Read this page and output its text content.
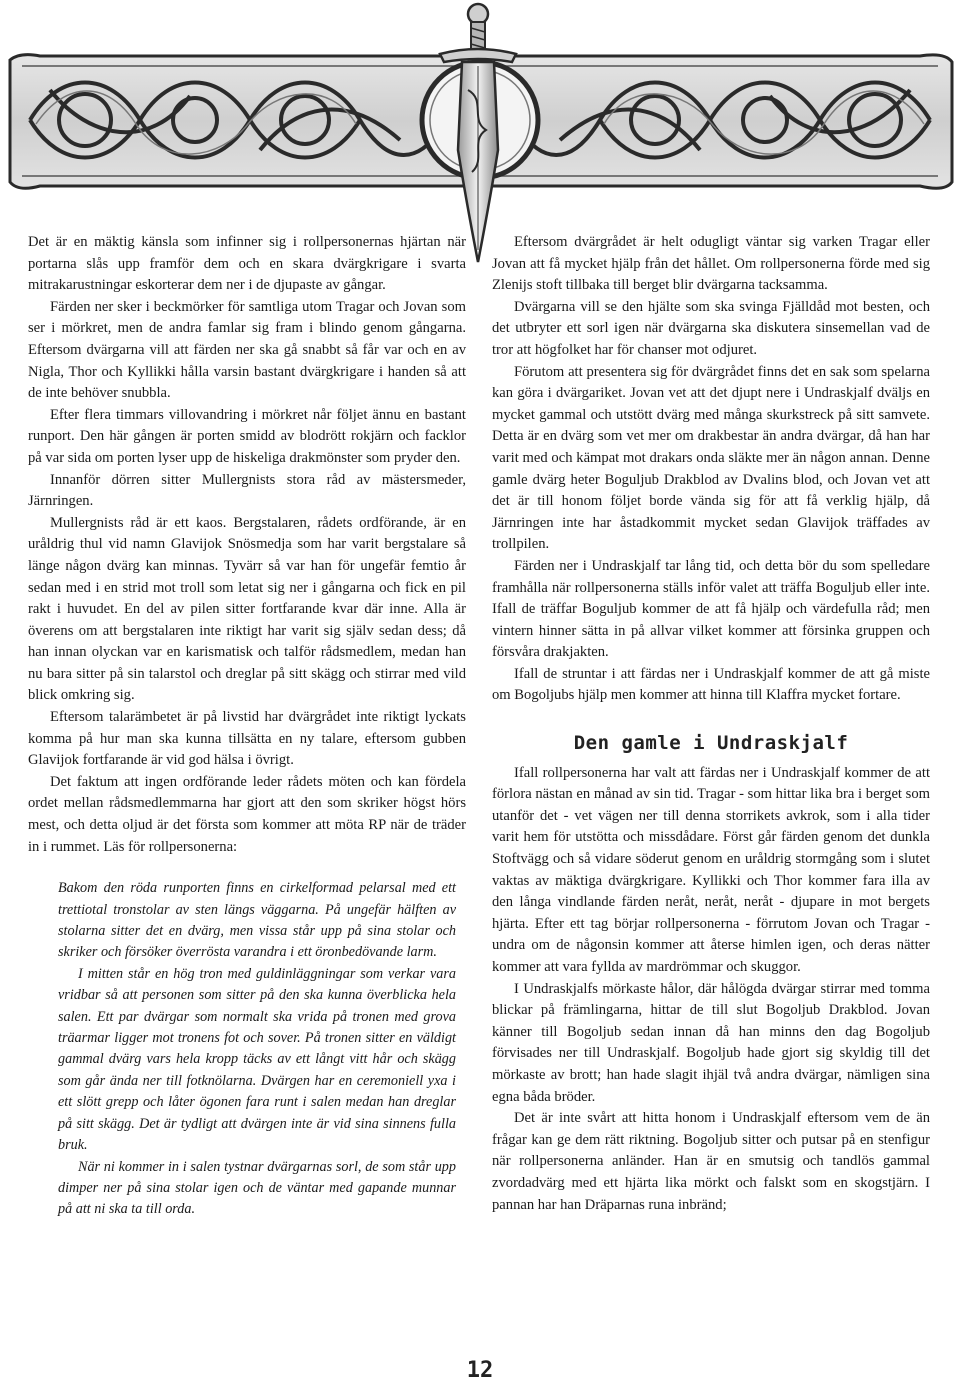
Det är en mäktig känsla som infinner sig i rollpersonernas hjärtan när portarna slås upp framför dem och en skara dvärgkrigare i svarta mitrakarustningar eskorterar dem ner i de djupaste av gångar.

Färden ner sker i beckmörker för samtliga utom Tragar och Jovan som ser i mörkret, men de andra famlar sig fram i blindo genom gångarna. Eftersom dvärgarna vill att färden ner ska gå snabbt så får var och en av Nigla, Thor och Kyllikki hålla varsin bastant dvärgkrigare i handen så att de inte behöver snubbla.

Efter flera timmars villovandring i mörkret når följet ännu en bastant runport. Den här gången är porten smidd av blodrött rokjärn och facklor på var sida om porten lyser upp de hiskeliga drakmönster som pryder den.

Innanför dörren sitter Mullergnists stora råd av mästersmeder, Järnringen.

Mullergnists råd är ett kaos. Bergstalaren, rådets ordförande, är en uråldrig thul vid namn Glavijok Snösmedja som har varit bergstalare så länge någon dvärg kan minnas. Tyvärr så var han för ungefär femtio år sedan med i en strid mot troll som letat sig ner i gångarna och fick en pil rakt i huvudet. En del av pilen sitter fortfarande kvar där inne. Alla är överens om att bergstalaren inte riktigt har varit sig själv sedan dess; då han innan olyckan var en karismatisk och talför rådsmedlem, medan han nu bara sitter på sin talarstol och dreglar på sitt skägg och stirrar med vild blick omkring sig.

Eftersom talarämbetet är på livstid har dvärgrådet inte riktigt lyckats komma på hur man ska kunna tillsätta en ny talare, eftersom gubben Glavijok fortfarande är vid god hälsa i övrigt.

Det faktum att ingen ordförande leder rådets möten och kan fördela ordet mellan rådsmedlemmarna har gjort att den som skriker högst hörs mest, och detta oljud är det första som kommer att möta RP när de träder in i rummet. Läs för rollpersonerna:

Bakom den röda runporten finns en cirkelformad pelarsal med ett trettiotal tronstolar av sten längs väggarna. På ungefär hälften av stolarna sitter det en dvärg, men vissa står upp på sina stolar och skriker och försöker överrösta varandra i ett öronbedövande larm.

I mitten står en hög tron med guldinläggningar som verkar vara vridbar så att personen som sitter på den ska kunna överblicka hela salen. Ett par dvärgar som normalt ska vrida på tronen med grova träarmar ligger mot tronens fot och sover. På tronen sitter en väldigt gammal dvärg vars hela kropp täcks av ett långt vitt hår och skägg som går ända ner till fotknölarna. Dvärgen har en ceremoniell yxa i ett slött grepp och låter ögonen fara runt i salen medan han dreglar på sitt skägg. Det är tydligt att dvärgen inte är vid sina sinnens fulla bruk.

När ni kommer in i salen tystnar dvärgarnas sorl, de som står upp dimper ner på sina stolar igen och de väntar med gapande munnar på att ni ska ta till orda.

Eftersom dvärgrådet är helt odugligt väntar sig varken Tragar eller Jovan att få mycket hjälp från det hållet. Om rollpersonerna förde med sig Zlenijs stoft tillbaka till berget blir dvärgarna tacksamma.

Dvärgarna vill se den hjälte som ska svinga Fjälldåd mot besten, och det utbryter ett sorl igen när dvärgarna ska diskutera sinsemellan vad de tror att högfolket har för chanser mot odjuret.

Förutom att presentera sig för dvärgrådet finns det en sak som spelarna kan göra i dvärgariket. Jovan vet att det djupt nere i Undraskjalf dväljs en mycket gammal och utstött dvärg med många skurkstreck på sitt samvete. Detta är en dvärg som vet mer om drakbestar än andra dvärgar, då han har varit med och kämpat mot drakars onda släkte mer än någon annan. Denne gamle dvärg heter Boguljub Drakblod av Dvalins blod, och Jovan vet att det är till honom följet borde vända sig för att få verklig hjälp, då Järnringen inte har åstadkommit mycket sedan Glavijok träffades av trollpilen.

Färden ner i Undraskjalf tar lång tid, och detta bör du som spelledare framhålla när rollpersonerna ställs inför valet att träffa Boguljub eller inte. Ifall de träffar Boguljub kommer de att få hjälp och värdefulla råd; men vintern hinner sätta in på allvar vilket kommer att försinka gruppen och försvåra drakjakten.

Ifall de struntar i att färdas ner i Undraskjalf kommer de att gå miste om Bogoljubs hjälp men kommer att hinna till Klaffra mycket fortare.

Den gamle i Undraskjalf

Ifall rollpersonerna har valt att färdas ner i Undraskjalf kommer de att förlora nästan en månad av sin tid. Tragar - som hittar lika bra i berget som utanför det - vet vägen ner till denna storrikets avkrok, som i alla tider varit hem för utstötta och missdådare. Först går färden genom det dunkla Stoftvägg och så vidare söderut genom en uråldrig stormgång som i slutet vaktas av mäktiga dvärgkrigare. Kyllikki och Thor kommer fara illa av den långa vindlande färden neråt, neråt, neråt - djupare in mot bergets hjärta. Efter ett tag börjar rollpersonerna - förrutom Jovan och Tragar - undra om de någonsin kommer att återse himlen igen, och deras nätter kommer att vara fyllda av mardrömmar och skuggor.

I Undraskjalfs mörkaste hålor, där hålögda dvärgar stirrar med tomma blickar på främlingarna, hittar de till slut Bogoljub Drakblod. Jovan känner till Bogoljub sedan innan då han minns den dag Bogoljub förvisades ner till Undraskjalf. Bogoljub hade gjort sig skyldig till det mörkaste av brott; han hade slagit ihjäl två andra dvärgar, nämligen sina egna båda bröder.

Det är inte svårt att hitta honom i Undraskjalf eftersom vem de än frågar kan ge dem rätt riktning. Bogoljub sitter och putsar på en stenfigur när rollpersonerna anländer. Han är en smutsig och tandlös gammal zvordadvärg med ett hjärta lika mörkt och falskt som en skogstjärn. I pannan har han Dräparnas runa inbränd;

12
